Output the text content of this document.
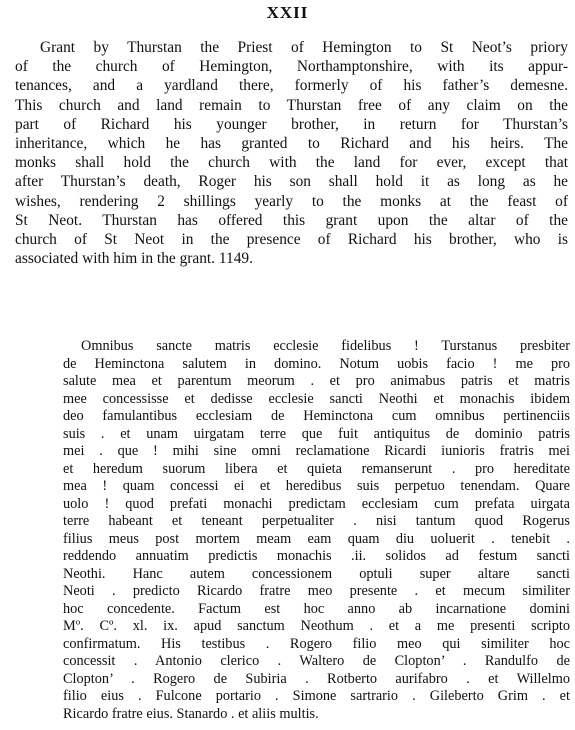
XXII
Grant by Thurstan the Priest of Hemington to St Neot’s priory
of the church of Hemington, Northamptonshire, with its appur-
tenances, and a yardland there, formerly of his father’s demesne.
This church and land remain to Thurstan free of any claim on the
part of Richard his younger brother, in return for Thurstan’s
inheritance, which he has granted to Richard and his heirs. The
monks shall hold the church with the land for ever, except that
after Thurstan’s death, Roger his son shall hold it as long as he
wishes, rendering 2 shillings yearly to the monks at the feast of
St Neot. Thurstan has offered this grant upon the altar of the
church of St Neot in the presence of Richard his brother, who is
associated with him in the grant. 1149.
Omnibus sancte matris ecclesie fidelibus ! Turstanus presbiter
de Heminctona salutem in domino. Notum uobis facio ! me pro
salute mea et parentum meorum . et pro animabus patris et matris
mee concessisse et dedisse ecclesie sancti Neothi et monachis ibidem
deo famulantibus ecclesiam de Heminctona cum omnibus pertinenciis
suis . et unam uirgatam terre que fuit antiquitus de dominio patris
mei . que ! mihi sine omni reclamatione Ricardi iunioris fratris mei
et heredum suorum libera et quieta remanserunt . pro hereditate
mea ! quam concessi ei et heredibus suis perpetuo tenendam. Quare
uolo ! quod prefati monachi predictam ecclesiam cum prefata uirgata
terre habeant et teneant perpetualiter . nisi tantum quod Rogerus
filius meus post mortem meam eam quam diu uoluerit . tenebit .
reddendo annuatim predictis monachis .ii. solidos ad festum sancti
Neothi. Hanc autem concessionem optuli super altare sancti
Neoti . predicto Ricardo fratre meo presente . et mecum similiter
hoc concedente. Factum est hoc anno ab incarnatione domini
Mº. Cº. xl. ix. apud sanctum Neothum . et a me presenti scripto
confirmatum. His testibus . Rogero filio meo qui similiter hoc
concessit . Antonio clerico . Waltero de Clopton’ . Randulfo de
Clopton’ . Rogero de Subiria . Rotberto aurifabro . et Willelmo
filio eius . Fulcone portario . Simone sartrario . Gileberto Grim . et
Ricardo fratre eius. Stanardo . et aliis multis.
